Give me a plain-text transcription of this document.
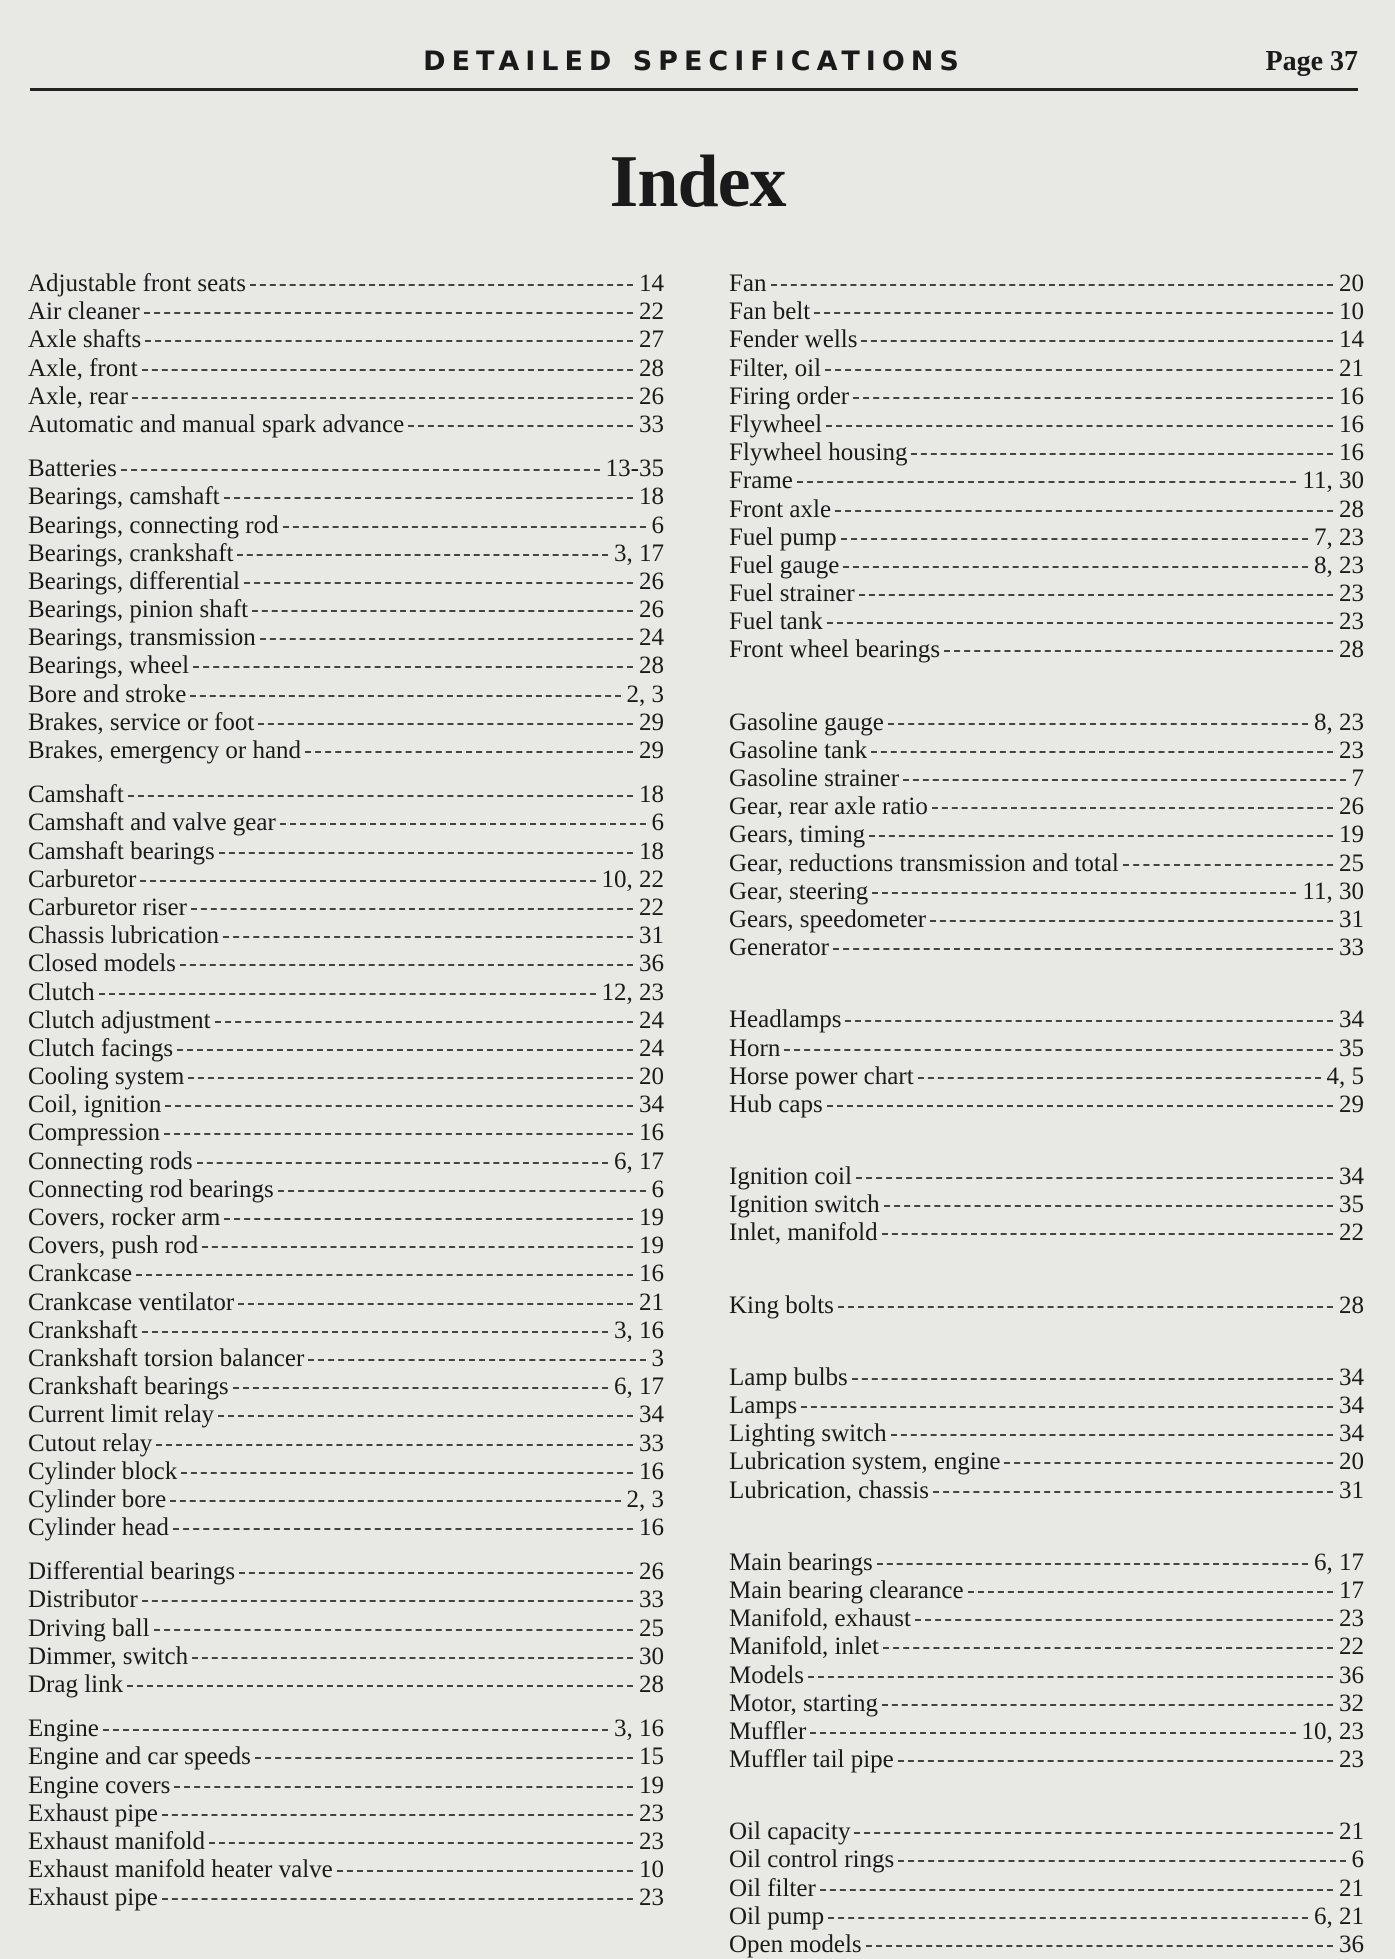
DETAILED SPECIFICATIONS	Page 37
Index
Adjustable front seats	14
Air cleaner	22
Axle shafts	27
Axle, front	28
Axle, rear	26
Automatic and manual spark advance	33
Batteries	13-35
Bearings, camshaft	18
Bearings, connecting rod	6
Bearings, crankshaft	3, 17
Bearings, differential	26
Bearings, pinion shaft	26
Bearings, transmission	24
Bearings, wheel	28
Bore and stroke	2, 3
Brakes, service or foot	29
Brakes, emergency or hand	29
Camshaft	18
Camshaft and valve gear	6
Camshaft bearings	18
Carburetor	10, 22
Carburetor riser	22
Chassis lubrication	31
Closed models	36
Clutch	12, 23
Clutch adjustment	24
Clutch facings	24
Cooling system	20
Coil, ignition	34
Compression	16
Connecting rods	6, 17
Connecting rod bearings	6
Covers, rocker arm	19
Covers, push rod	19
Crankcase	16
Crankcase ventilator	21
Crankshaft	3, 16
Crankshaft torsion balancer	3
Crankshaft bearings	6, 17
Current limit relay	34
Cutout relay	33
Cylinder block	16
Cylinder bore	2, 3
Cylinder head	16
Differential bearings	26
Distributor	33
Driving ball	25
Dimmer, switch	30
Drag link	28
Engine	3, 16
Engine and car speeds	15
Engine covers	19
Exhaust pipe	23
Exhaust manifold	23
Exhaust manifold heater valve	10
Exhaust pipe	23
Fan	20
Fan belt	10
Fender wells	14
Filter, oil	21
Firing order	16
Flywheel	16
Flywheel housing	16
Frame	11, 30
Front axle	28
Fuel pump	7, 23
Fuel gauge	8, 23
Fuel strainer	23
Fuel tank	23
Front wheel bearings	28
Gasoline gauge	8, 23
Gasoline tank	23
Gasoline strainer	7
Gear, rear axle ratio	26
Gears, timing	19
Gear, reductions transmission and total	25
Gear, steering	11, 30
Gears, speedometer	31
Generator	33
Headlamps	34
Horn	35
Horse power chart	4, 5
Hub caps	29
Ignition coil	34
Ignition switch	35
Inlet, manifold	22
King bolts	28
Lamp bulbs	34
Lamps	34
Lighting switch	34
Lubrication system, engine	20
Lubrication, chassis	31
Main bearings	6, 17
Main bearing clearance	17
Manifold, exhaust	23
Manifold, inlet	22
Models	36
Motor, starting	32
Muffler	10, 23
Muffler tail pipe	23
Oil capacity	21
Oil control rings	6
Oil filter	21
Oil pump	6, 21
Open models	36
